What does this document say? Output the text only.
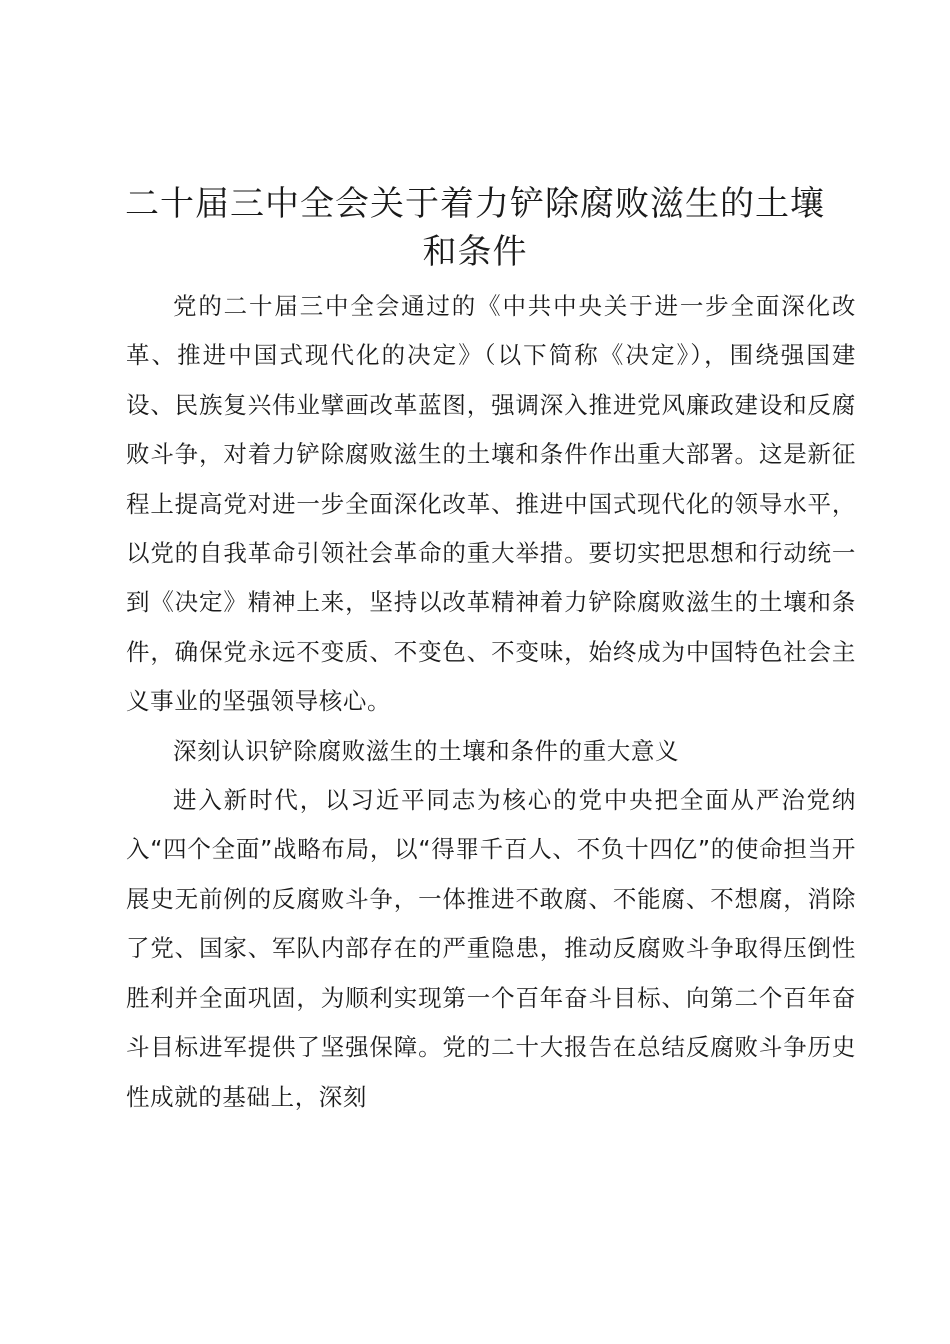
二十届三中全会关于着力铲除腐败滋生的土壤和条件

党的二十届三中全会通过的《中共中央关于进一步全面深化改革、推进中国式现代化的决定》（以下简称《决定》），围绕强国建设、民族复兴伟业擘画改革蓝图，强调深入推进党风廉政建设和反腐败斗争，对着力铲除腐败滋生的土壤和条件作出重大部署。这是新征程上提高党对进一步全面深化改革、推进中国式现代化的领导水平，以党的自我革命引领社会革命的重大举措。要切实把思想和行动统一到《决定》精神上来，坚持以改革精神着力铲除腐败滋生的土壤和条件，确保党永远不变质、不变色、不变味，始终成为中国特色社会主义事业的坚强领导核心。

深刻认识铲除腐败滋生的土壤和条件的重大意义

进入新时代，以习近平同志为核心的党中央把全面从严治党纳入“四个全面”战略布局，以“得罪千百人、不负十四亿”的使命担当开展史无前例的反腐败斗争，一体推进不敢腐、不能腐、不想腐，消除了党、国家、军队内部存在的严重隐患，推动反腐败斗争取得压倒性胜利并全面巩固，为顺利实现第一个百年奋斗目标、向第二个百年奋斗目标进军提供了坚强保障。党的二十大报告在总结反腐败斗争历史性成就的基础上，深刻
